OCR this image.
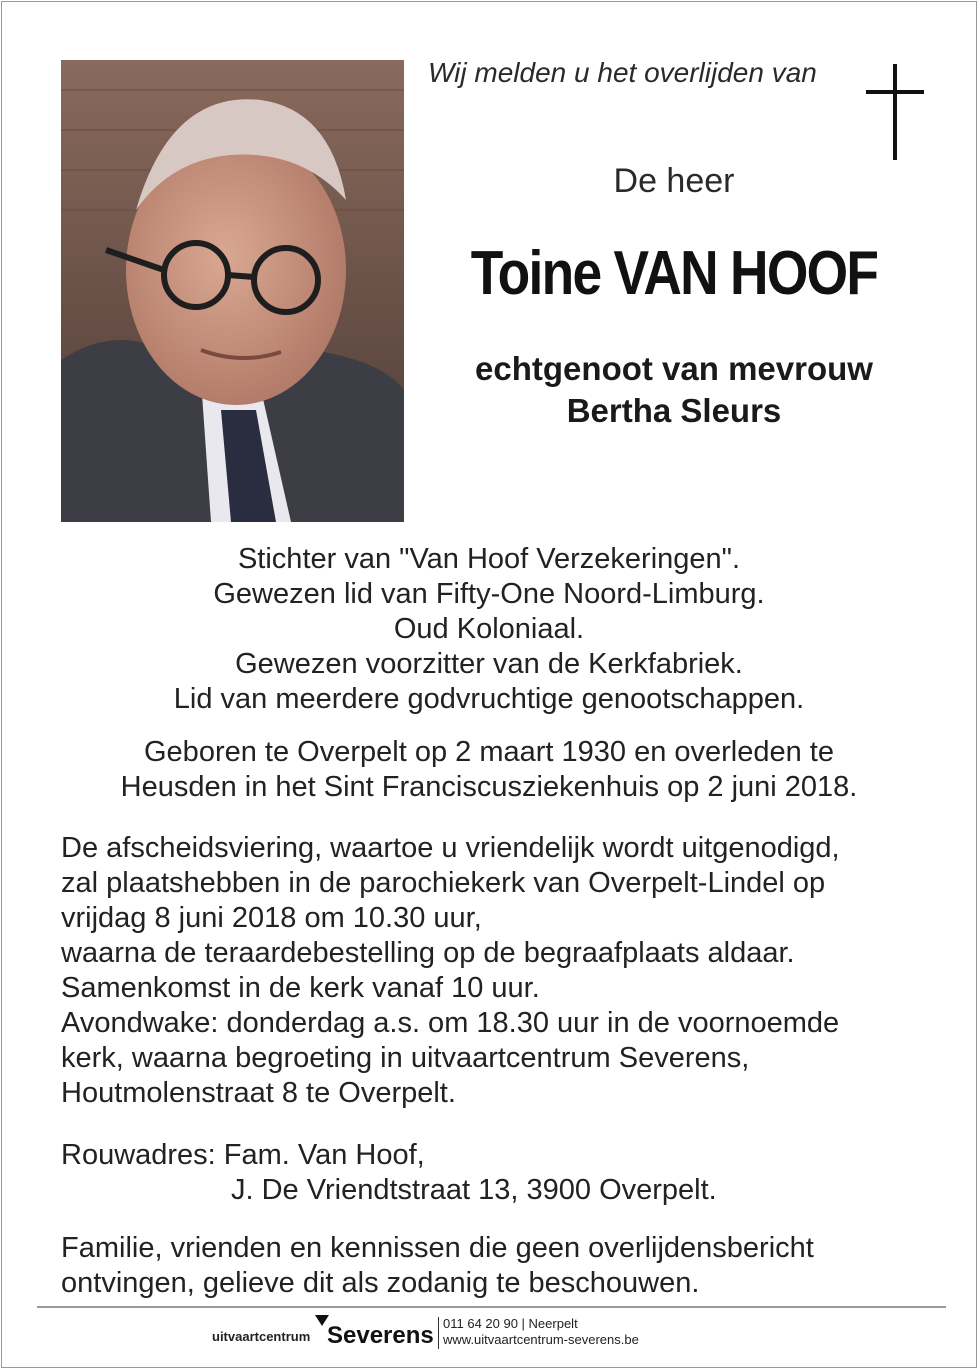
Wij melden u het overlijden van
De heer
Toine VAN HOOF
echtgenoot van mevrouw
Bertha Sleurs
Stichter van "Van Hoof Verzekeringen".
Gewezen lid van Fifty-One Noord-Limburg.
Oud Koloniaal.
Gewezen voorzitter van de Kerkfabriek.
Lid van meerdere godvruchtige genootschappen.
Geboren te Overpelt op 2 maart 1930 en overleden te
Heusden in het Sint Franciscusziekenhuis op 2 juni 2018.
De afscheidsviering, waartoe u vriendelijk wordt uitgenodigd,
zal plaatshebben in de parochiekerk van Overpelt-Lindel op
vrijdag 8 juni 2018 om 10.30 uur,
waarna de teraardebestelling op de begraafplaats aldaar.
Samenkomst in de kerk vanaf 10 uur.
Avondwake: donderdag a.s. om 18.30 uur in de voornoemde
kerk, waarna begroeting in uitvaartcentrum Severens,
Houtmolenstraat 8 te Overpelt.
Rouwadres: Fam. Van Hoof,
J. De Vriendtstraat 13, 3900 Overpelt.
Familie, vrienden en kennissen die geen overlijdensbericht
ontvingen, gelieve dit als zodanig te beschouwen.
uitvaartcentrum Severens 011 64 20 90 | Neerpelt
www.uitvaartcentrum-severens.be
